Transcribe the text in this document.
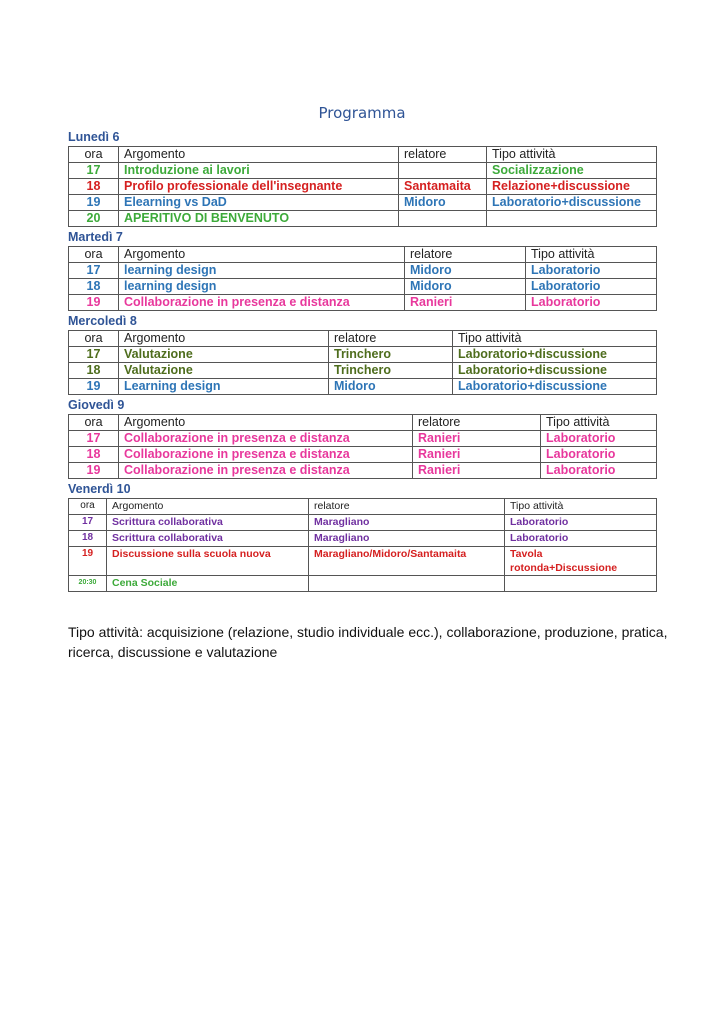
Programma
Lunedì 6
ora	Argomento	relatore	Tipo attività
17	Introduzione ai lavori		Socializzazione
18	Profilo professionale dell'insegnante	Santamaita	Relazione+discussione
19	Elearning vs DaD	Midoro	Laboratorio+discussione
20	APERITIVO DI BENVENUTO		
Martedì 7
ora	Argomento	relatore	Tipo attività
17	learning design	Midoro	Laboratorio
18	learning design	Midoro	Laboratorio
19	Collaborazione in presenza e distanza	Ranieri	Laboratorio
Mercoledì 8
ora	Argomento	relatore	Tipo attività
17	Valutazione	Trinchero	Laboratorio+discussione
18	Valutazione	Trinchero	Laboratorio+discussione
19	Learning design	Midoro	Laboratorio+discussione
Giovedì 9
ora	Argomento	relatore	Tipo attività
17	Collaborazione in presenza e distanza	Ranieri	Laboratorio
18	Collaborazione in presenza e distanza	Ranieri	Laboratorio
19	Collaborazione in presenza e distanza	Ranieri	Laboratorio
Venerdì 10
ora	Argomento	relatore	Tipo attività
17	Scrittura collaborativa	Maragliano	Laboratorio
18	Scrittura collaborativa	Maragliano	Laboratorio
19	Discussione sulla scuola nuova	Maragliano/Midoro/Santamaita	Tavola rotonda+Discussione
20:30	Cena Sociale		
Tipo attività: acquisizione (relazione, studio individuale ecc.), collaborazione, produzione, pratica, ricerca, discussione e valutazione
